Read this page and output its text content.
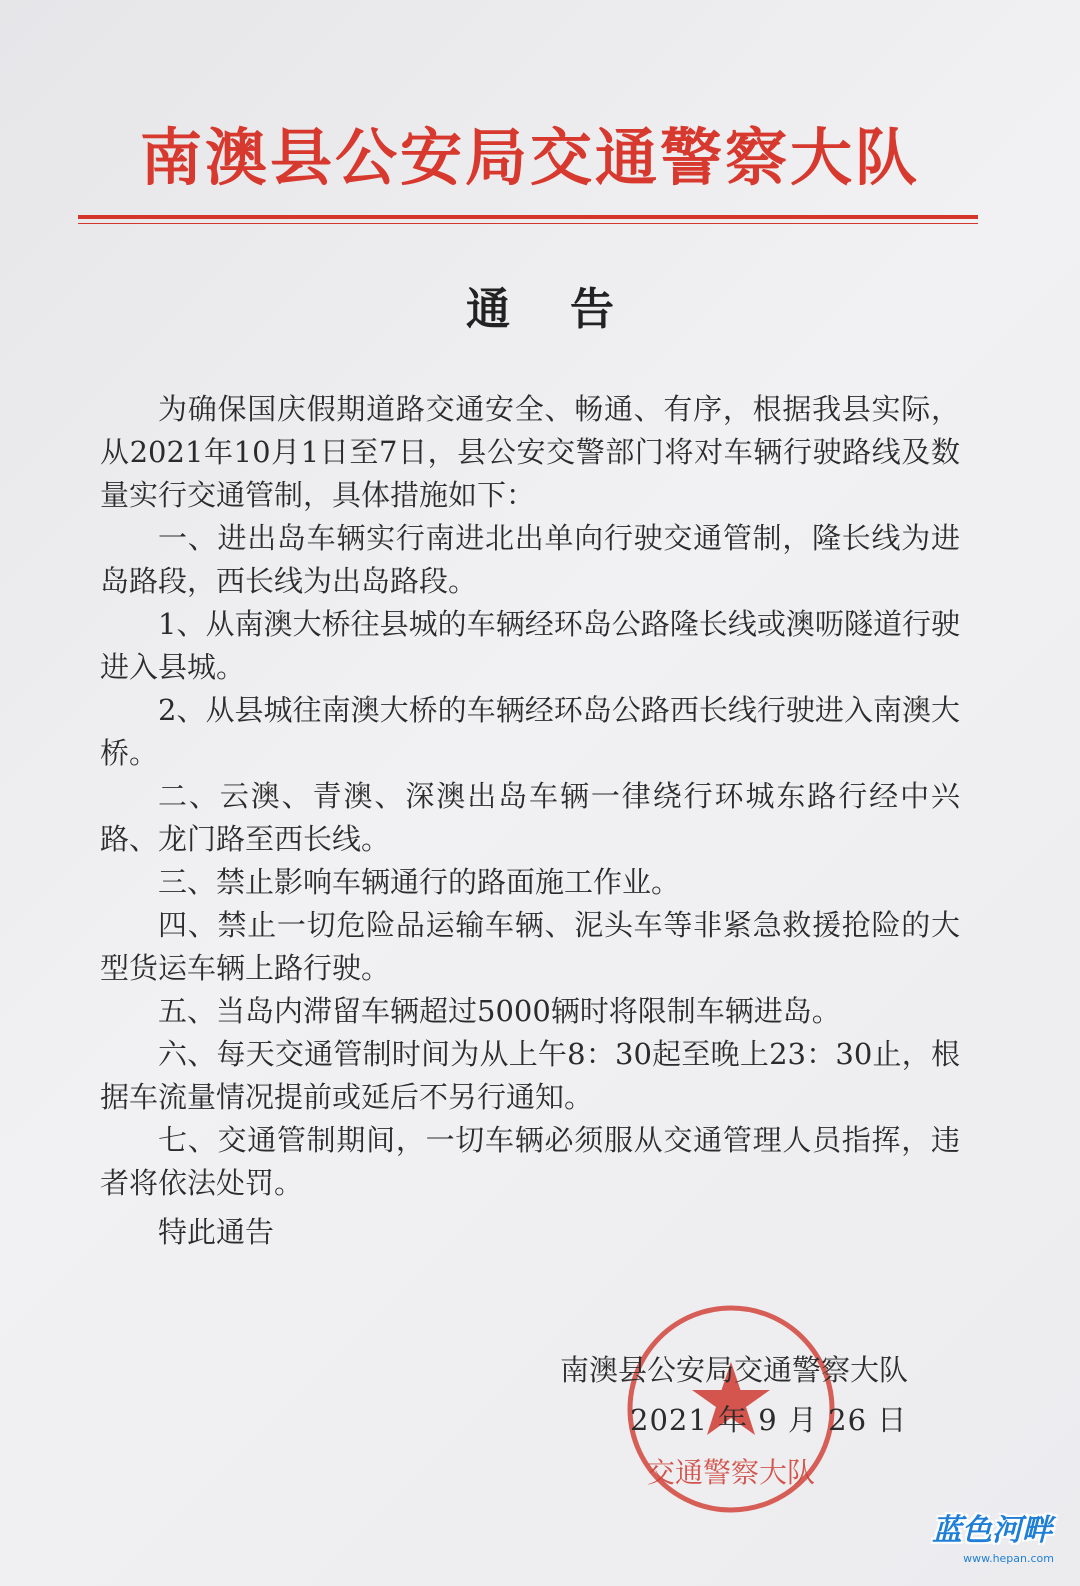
南澳县公安局交通警察大队
通告

为确保国庆假期道路交通安全、畅通、有序，根据我县实际，从2021年10月1日至7日，县公安交警部门将对车辆行驶路线及数量实行交通管制，具体措施如下：

一、进出岛车辆实行南进北出单向行驶交通管制，隆长线为进岛路段，西长线为出岛路段。

1、从南澳大桥往县城的车辆经环岛公路隆长线或澳呖隧道行驶进入县城。

2、从县城往南澳大桥的车辆经环岛公路西长线行驶进入南澳大桥。

二、云澳、青澳、深澳出岛车辆一律绕行环城东路行经中兴路、龙门路至西长线。

三、禁止影响车辆通行的路面施工作业。

四、禁止一切危险品运输车辆、泥头车等非紧急救援抢险的大型货运车辆上路行驶。

五、当岛内滞留车辆超过5000辆时将限制车辆进岛。

六、每天交通管制时间为从上午8：30起至晚上23：30止，根据车流量情况提前或延后不另行通知。

七、交通管制期间，一切车辆必须服从交通管理人员指挥，违者将依法处罚。

特此通告

交通警察大队
南澳县公安局交通警察大队
2021 年 9 月 26 日
蓝色河畔
www.hepan.com
